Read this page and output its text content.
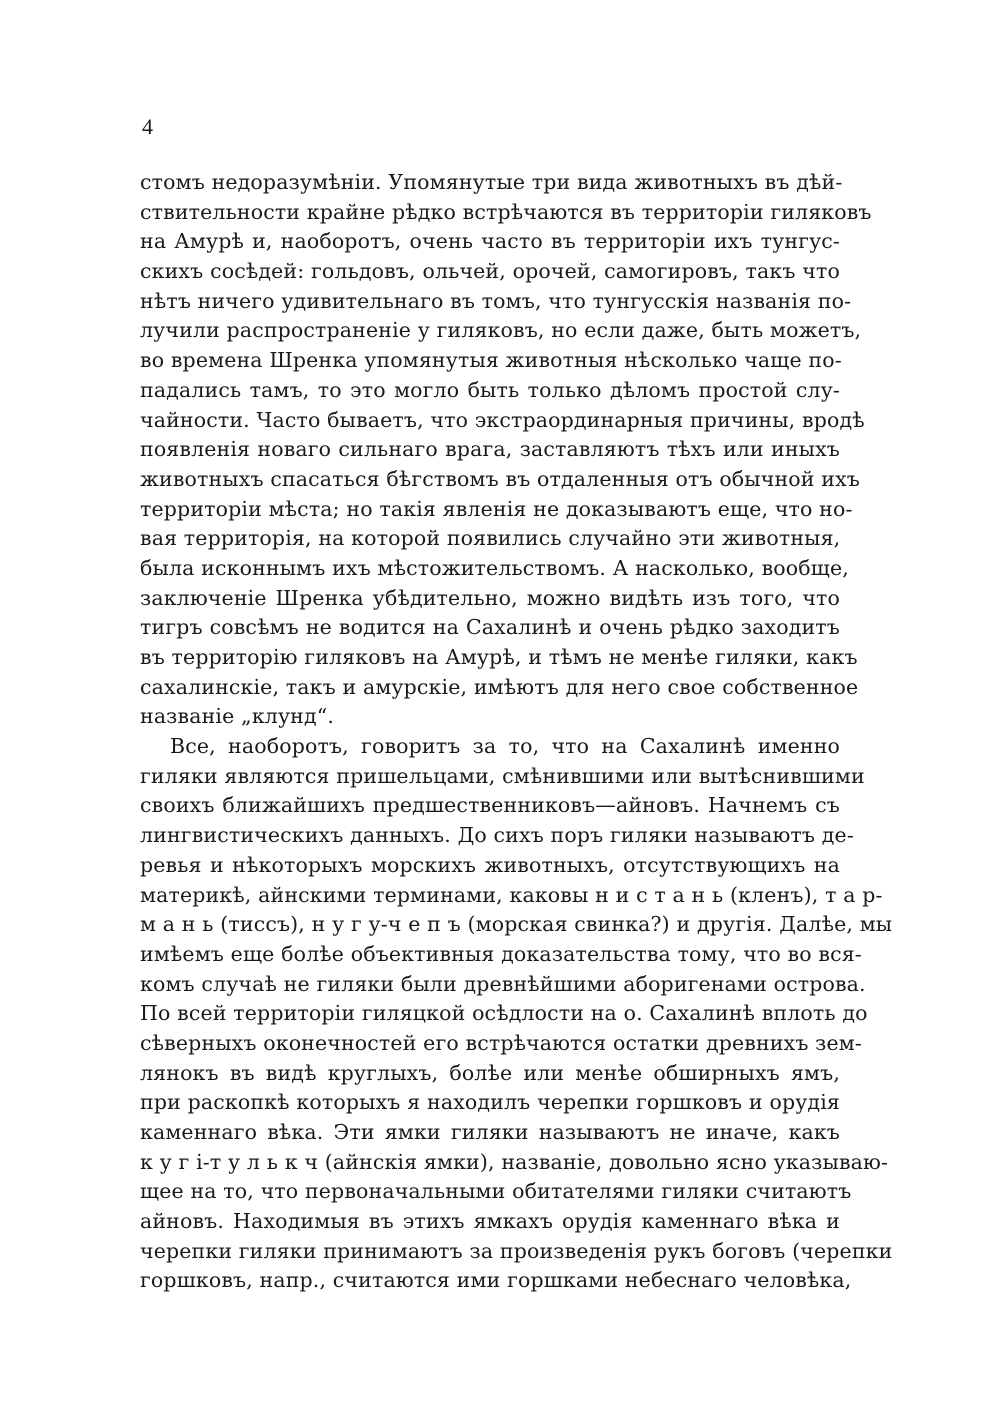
4
стомъ недоразумѣніи. Упомянутые три вида животныхъ въ дѣй-
ствительности крайне рѣдко встрѣчаются въ территоріи гиляковъ
на Амурѣ и, наоборотъ, очень часто въ территоріи ихъ тунгус-
скихъ сосѣдей: гольдовъ, ольчей, орочей, самогировъ, такъ что
нѣтъ ничего удивительнаго въ томъ, что тунгусскія названія по-
лучили распространеніе у гиляковъ, но если даже, быть можетъ,
во времена Шренка упомянутыя животныя нѣсколько чаще по-
падались тамъ, то это могло быть только дѣломъ простой слу-
чайности. Часто бываетъ, что экстраординарныя причины, вродѣ
появленія новаго сильнаго врага, заставляютъ тѣхъ или иныхъ
животныхъ спасаться бѣгствомъ въ отдаленныя отъ обычной ихъ
территоріи мѣста; но такія явленія не доказываютъ еще, что но-
вая территорія, на которой появились случайно эти животныя,
была исконнымъ ихъ мѣстожительствомъ. А насколько, вообще,
заключеніе Шренка убѣдительно, можно видѣть изъ того, что
тигръ совсѣмъ не водится на Сахалинѣ и очень рѣдко заходитъ
въ территорію гиляковъ на Амурѣ, и тѣмъ не менѣе гиляки, какъ
сахалинскіе, такъ и амурскіе, имѣютъ для него свое собственное
названіе „клунд“.
Все, наоборотъ, говоритъ за то, что на Сахалинѣ именно
гиляки являются пришельцами, смѣнившими или вытѣснившими
своихъ ближайшихъ предшественниковъ—айновъ. Начнемъ съ
лингвистическихъ данныхъ. До сихъ поръ гиляки называютъ де-
ревья и нѣкоторыхъ морскихъ животныхъ, отсутствующихъ на
материкѣ, айнскими терминами, каковы н и с т а н ь (кленъ), т а р-
м а н ь (тиссъ), н у г у-ч е п ъ (морская свинка?) и другія. Далѣе, мы
имѣемъ еще болѣе объективныя доказательства тому, что во вся-
комъ случаѣ не гиляки были древнѣйшими аборигенами острова.
По всей территоріи гиляцкой осѣдлости на о. Сахалинѣ вплоть до
сѣверныхъ оконечностей его встрѣчаются остатки древнихъ зем-
лянокъ въ видѣ круглыхъ, болѣе или менѣе обширныхъ ямъ,
при раскопкѣ которыхъ я находилъ черепки горшковъ и орудія
каменнаго вѣка. Эти ямки гиляки называютъ не иначе, какъ
к у г і-т у л ь к ч (айнскія ямки), названіе, довольно ясно указываю-
щее на то, что первоначальными обитателями гиляки считаютъ
айновъ. Находимыя въ этихъ ямкахъ орудія каменнаго вѣка и
черепки гиляки принимаютъ за произведенія рукъ боговъ (черепки
горшковъ, напр., считаются ими горшками небеснаго человѣка,
